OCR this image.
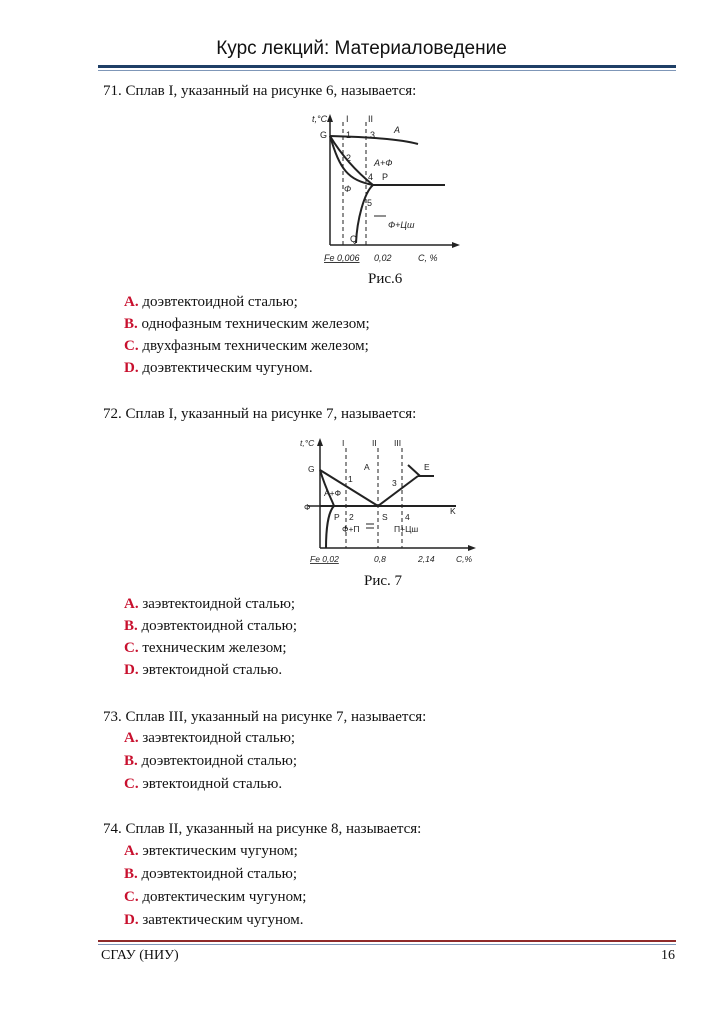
Курс лекций: Материаловедение
71. Сплав I, указанный на рисунке 6, называется:
t,°C
C, %
Fe 0,006 0,02
I II
G
P
Q
1
2
3
4
5
A
A+Ф
Ф
Ф+Цш
Рис.6
A. доэвтектоидной сталью;
B. однофазным техническим железом;
C. двухфазным техническим железом;
D. доэвтектическим чугуном.
72. Сплав I, указанный на рисунке 7, называется:
t,°C
C,%
Fe 0,02	0,8	2,14
I	II III
G
P	S
K
E
1
2
3
4
A
A+Ф
Ф
Ф+П	П+Цш
Рис. 7
A. заэвтектоидной сталью;
B. доэвтектоидной сталью;
C. техническим железом;
D. эвтектоидной сталью.
73. Сплав III, указанный на рисунке 7, называется:
A. заэвтектоидной сталью;
B. доэвтектоидной сталью;
C. эвтектоидной сталью.
74. Сплав II, указанный на рисунке 8, называется:
A. эвтектическим чугуном;
B. доэвтектоидной сталью;
C. довтектическим чугуном;
D. завтектическим чугуном.
СГАУ (НИУ)	16
